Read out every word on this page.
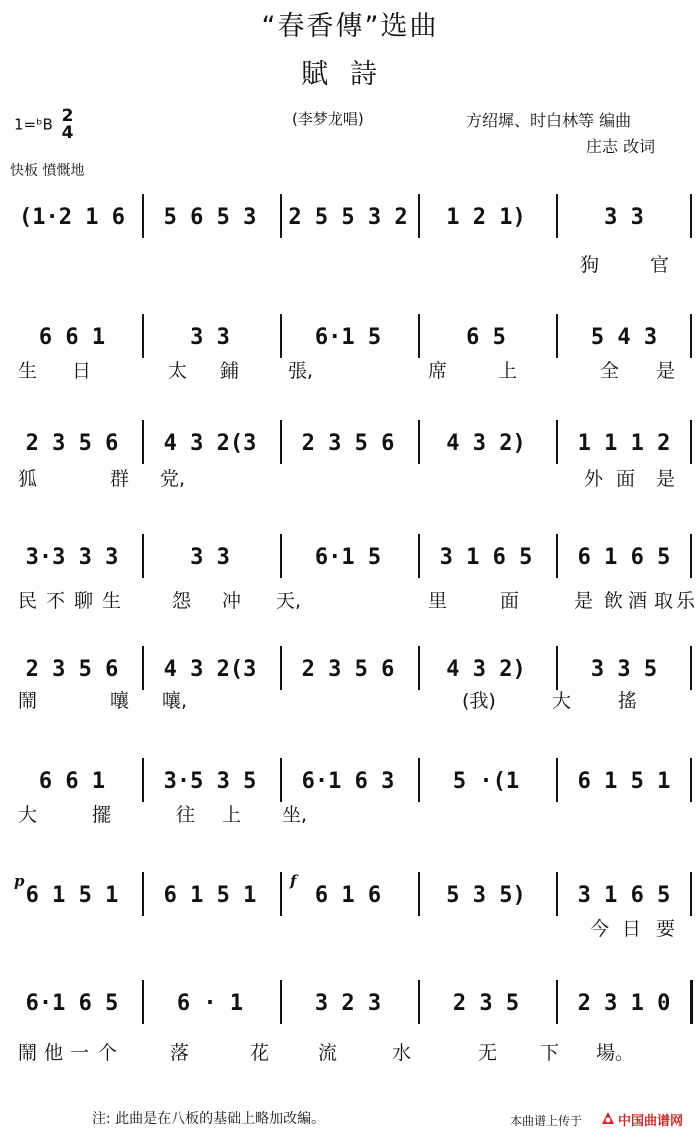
“春香傳”选曲
賦詩
1=ᵇB 2
4
(李梦龙唱)	方绍墀、时白林等 编曲
庄志 改词
快板 憤慨地
p	f
(1·2 1 6	5 6 5 3	2 5 5 3 2	1 2 1)	3 3
狗	官
6 6 1	3 3	6·1 5	6 5	5 4 3
生 日	太 鋪	張,	席	上	全 是
2 3 5 6	4 3 2(3	2 3 5 6	4 3 2)	1 1 1 2
狐	群 党,	外 面 是
3·3 3 3	3 3	6·1 5	3 1 6 5	6 1 6 5
民 不 聊 生	怨 冲 天,	里	面	是 飲 酒 取 乐
2 3 5 6	4 3 2(3	2 3 5 6	4 3 2)	3 3 5
鬧	嚷 嚷,	(我)	大 搖
6 6 1	3·5 3 5	6·1 6 3	5 ·(1	6 1 5 1
大	擺	往 上 坐,
6 1 5 1	6 1 5 1	6 1 6	5 3 5)	3 1 6 5
今 日 要
6·1 6 5	6 · 1	3 2 3	2 3 5	2 3 1 0
鬧 他 一 个	落	花	流	水	无 下 場。
注: 此曲是在八板的基础上略加改編。	本曲谱上传于	中国曲谱网
